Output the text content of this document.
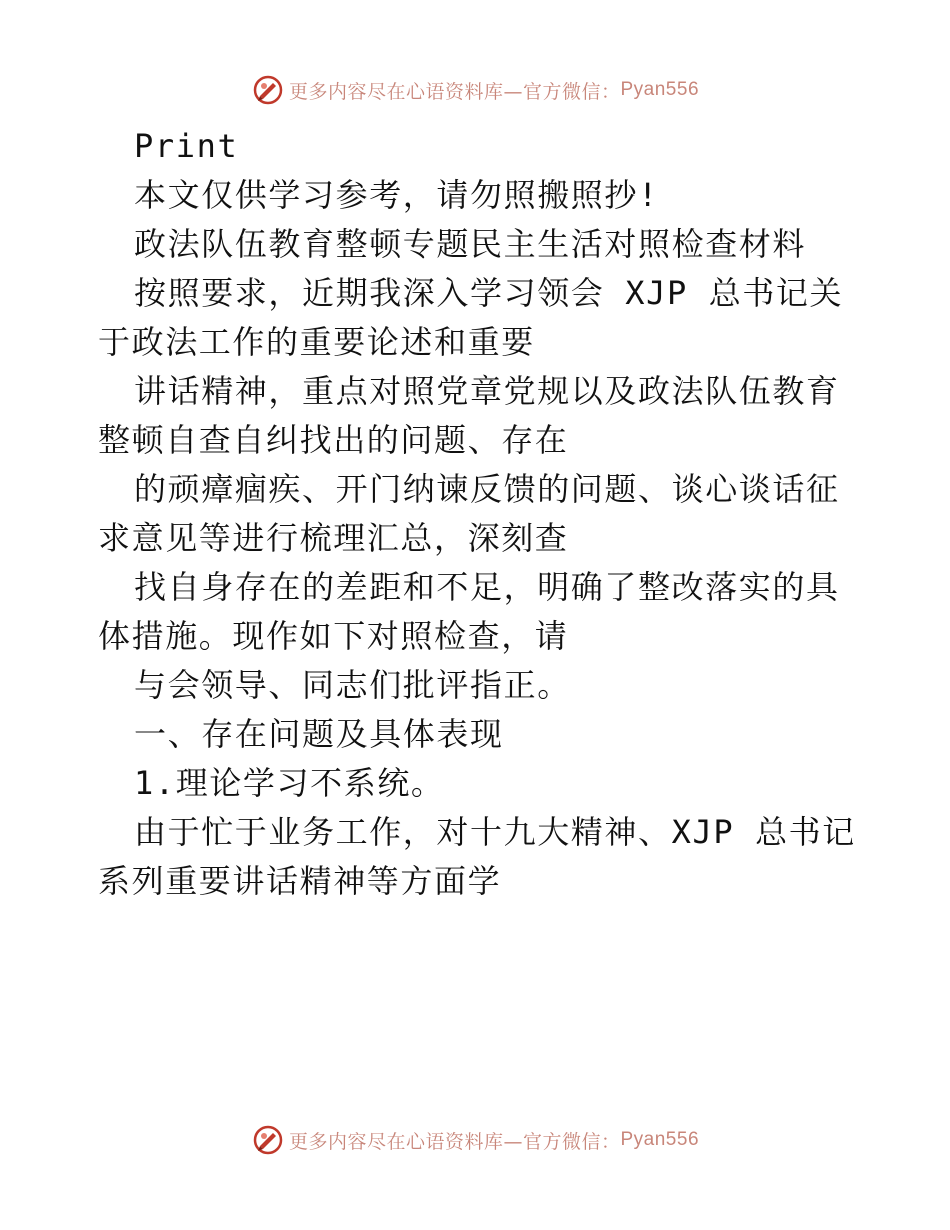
更多内容尽在心语资料库—官方微信： Pyan556

Print

本文仅供学习参考，请勿照搬照抄!

政法队伍教育整顿专题民主生活对照检查材料

按照要求，近期我深入学习领会 XJP 总书记关于政法工作的重要论述和重要

讲话精神，重点对照党章党规以及政法队伍教育整顿自查自纠找出的问题、存在

的顽瘴痼疾、开门纳谏反馈的问题、谈心谈话征求意见等进行梳理汇总，深刻查

找自身存在的差距和不足，明确了整改落实的具体措施。现作如下对照检查，请

与会领导、同志们批评指正。

一、存在问题及具体表现

1.理论学习不系统。

由于忙于业务工作，对十九大精神、XJP 总书记系列重要讲话精神等方面学

更多内容尽在心语资料库—官方微信： Pyan556
